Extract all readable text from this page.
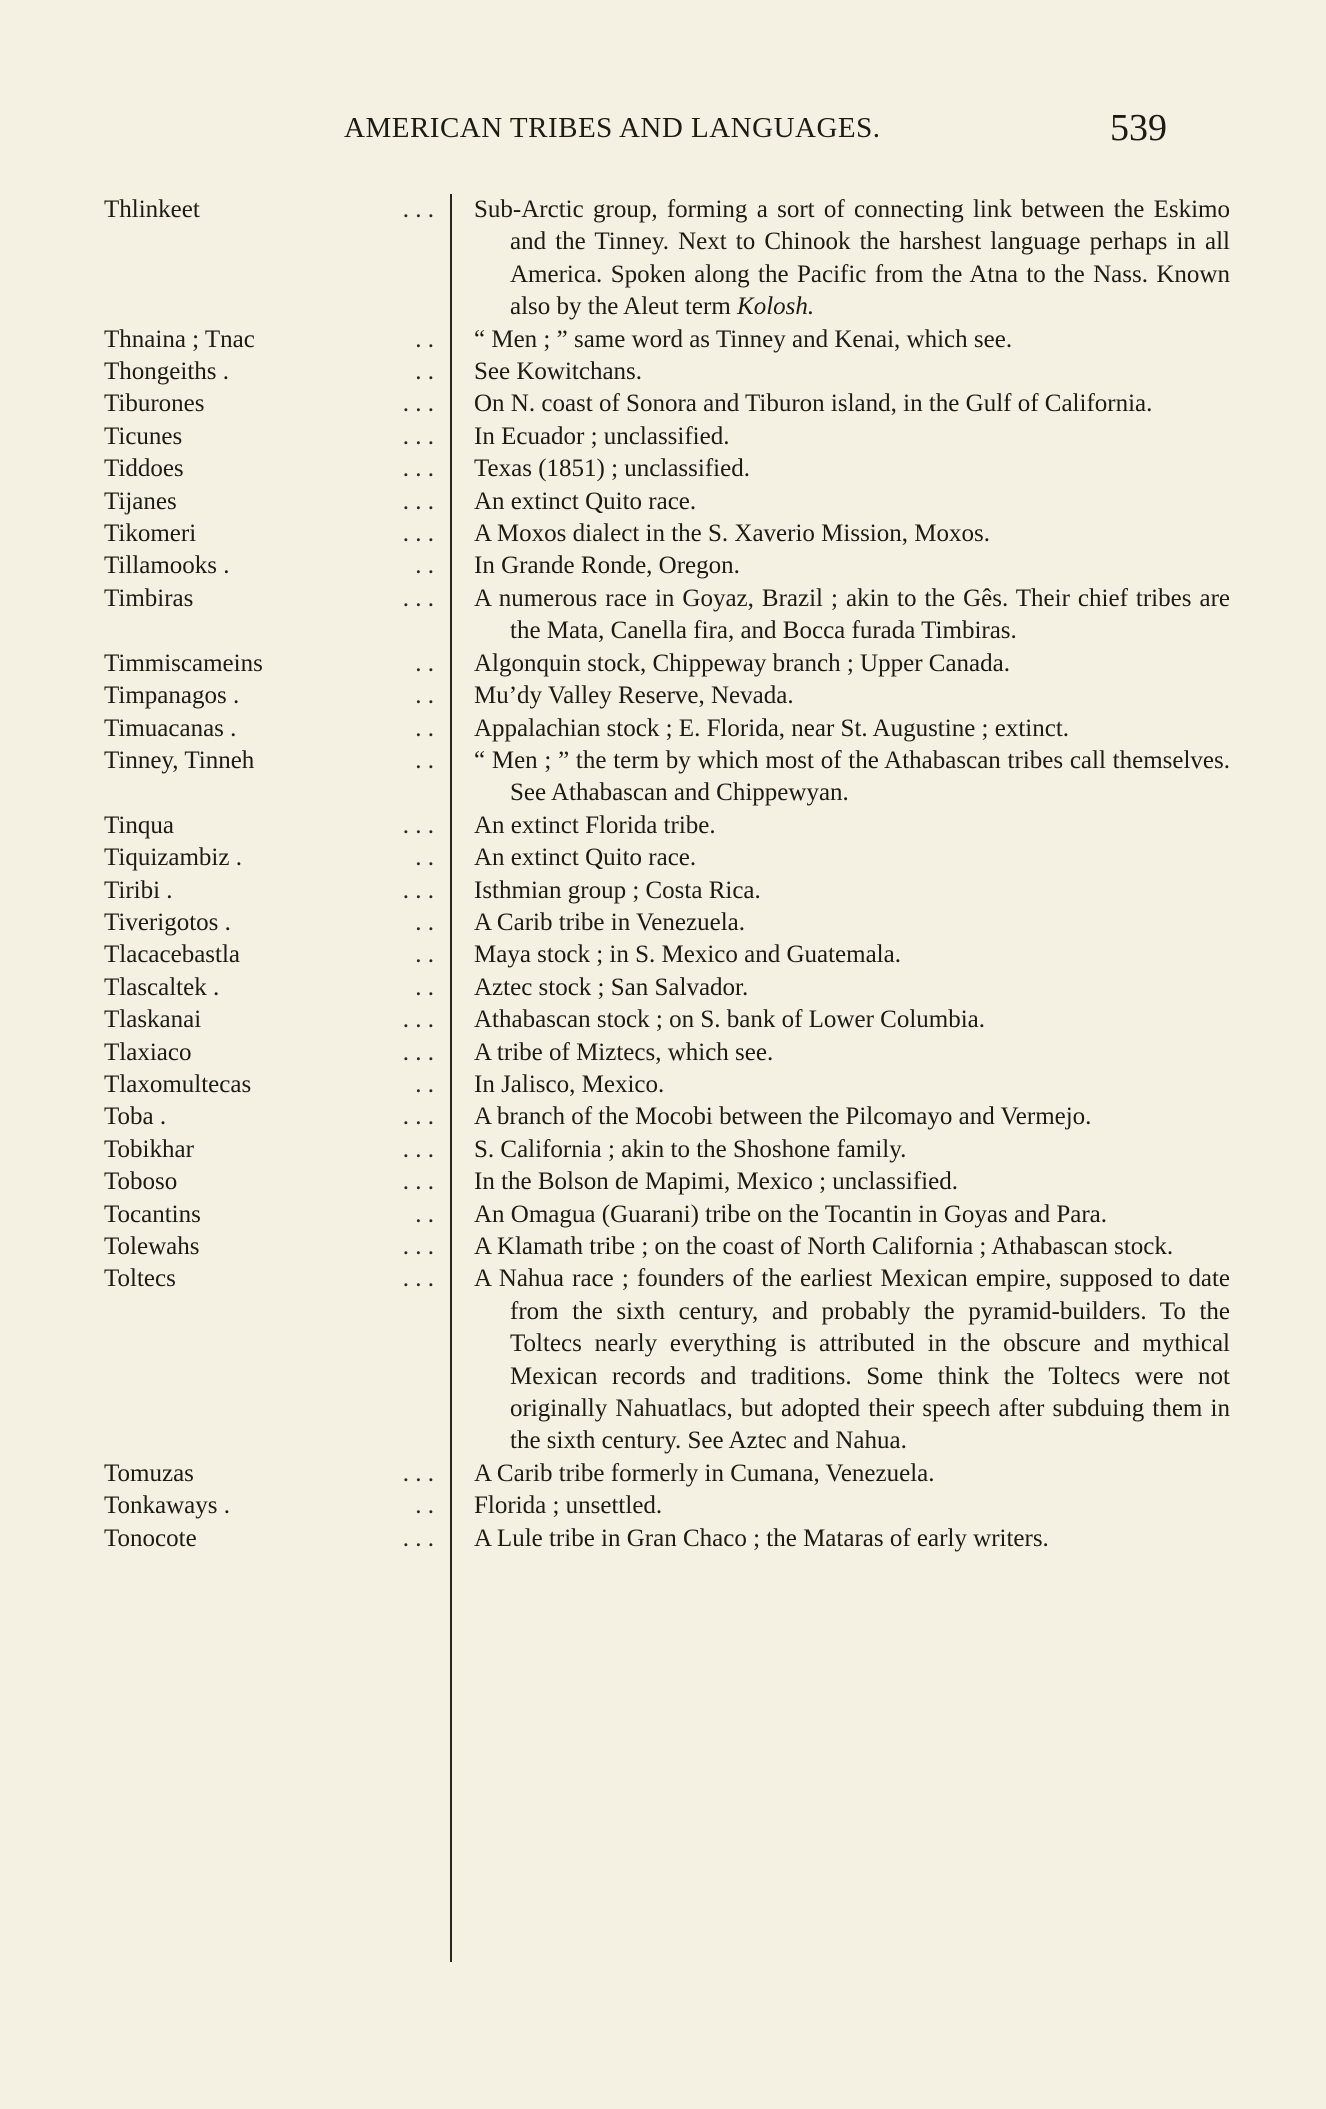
AMERICAN TRIBES AND LANGUAGES.	539
Thlinkeet	. . . Sub-Arctic group, forming a sort of connecting link between the Eskimo and the Tinney. Next to Chinook the harshest language perhaps in all America. Spoken along the Pacific from the Atna to the Nass. Known also by the Aleut term Kolosh.
Thnaina ; Tnac	. . “ Men ; ” same word as Tinney and Kenai, which see.
Thongeiths .	. . See Kowitchans.
Tiburones	. . . On N. coast of Sonora and Tiburon island, in the Gulf of California.
Ticunes	. . . In Ecuador ; unclassified.
Tiddoes	. . . Texas (1851) ; unclassified.
Tijanes	. . . An extinct Quito race.
Tikomeri	. . . A Moxos dialect in the S. Xaverio Mission, Moxos.
Tillamooks .	. . In Grande Ronde, Oregon.
Timbiras	. . . A numerous race in Goyaz, Brazil ; akin to the Gês. Their chief tribes are the Mata, Canella fira, and Bocca furada Timbiras.
Timmiscameins	. . Algonquin stock, Chippeway branch ; Upper Canada.
Timpanagos .	. . Mu’dy Valley Reserve, Nevada.
Timuacanas .	. . Appalachian stock ; E. Florida, near St. Augustine ; extinct.
Tinney, Tinneh	. . “ Men ; ” the term by which most of the Athabascan tribes call themselves. See Athabascan and Chippewyan.
Tinqua	. . . An extinct Florida tribe.
Tiquizambiz .	. . An extinct Quito race.
Tiribi .	. . . Isthmian group ; Costa Rica.
Tiverigotos .	. . A Carib tribe in Venezuela.
Tlacacebastla	. . Maya stock ; in S. Mexico and Guatemala.
Tlascaltek .	. . Aztec stock ; San Salvador.
Tlaskanai	. . . Athabascan stock ; on S. bank of Lower Columbia.
Tlaxiaco	. . . A tribe of Miztecs, which see.
Tlaxomultecas	. . In Jalisco, Mexico.
Toba .	. . . A branch of the Mocobi between the Pilcomayo and Vermejo.
Tobikhar	. . . S. California ; akin to the Shoshone family.
Toboso	. . . In the Bolson de Mapimi, Mexico ; unclassified.
Tocantins	. . An Omagua (Guarani) tribe on the Tocantin in Goyas and Para.
Tolewahs	. . . A Klamath tribe ; on the coast of North California ; Athabascan stock.
Toltecs	. . . A Nahua race ; founders of the earliest Mexican empire, supposed to date from the sixth century, and probably the pyramid-builders. To the Toltecs nearly everything is attributed in the obscure and mythical Mexican records and traditions. Some think the Toltecs were not originally Nahuatlacs, but adopted their speech after subduing them in the sixth century. See Aztec and Nahua.
Tomuzas	. . . A Carib tribe formerly in Cumana, Venezuela.
Tonkaways .	. . Florida ; unsettled.
Tonocote	. . . A Lule tribe in Gran Chaco ; the Mataras of early writers.
